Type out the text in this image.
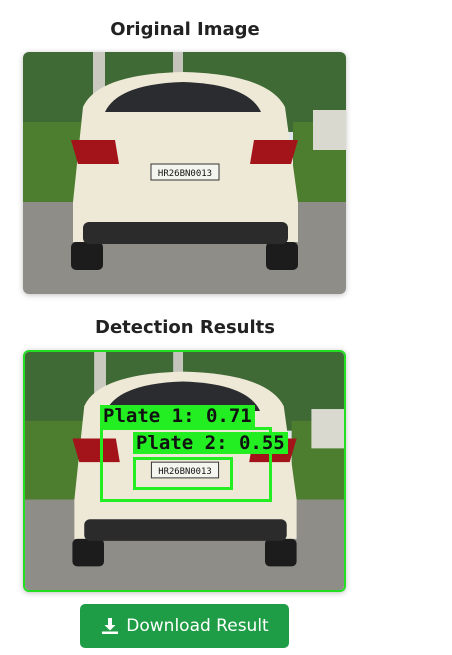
Original Image
HR26BN0013
Detection Results
HR26BN0013
Plate 1: 0.71
Plate 2: 0.55
Download Result
